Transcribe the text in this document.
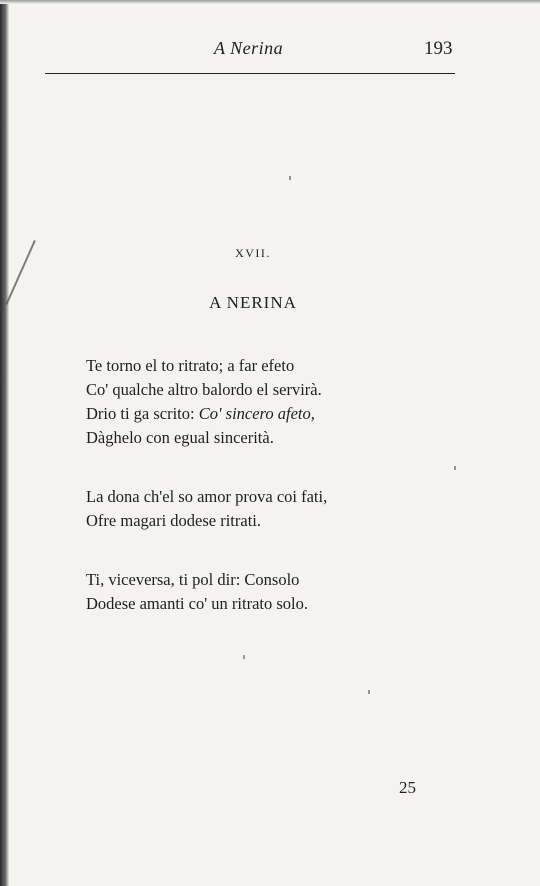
A Nerina	193
XVII.
A NERINA
Te torno el to ritrato; a far efeto
Co' qualche altro balordo el servirà.
Drio ti ga scrito: Co' sincero afeto,
Dàghelo con egual sincerità.
La dona ch'el so amor prova coi fati,
Ofre magari dodese ritrati.
Ti, viceversa, ti pol dir: Consolo
Dodese amanti co' un ritrato solo.
25
